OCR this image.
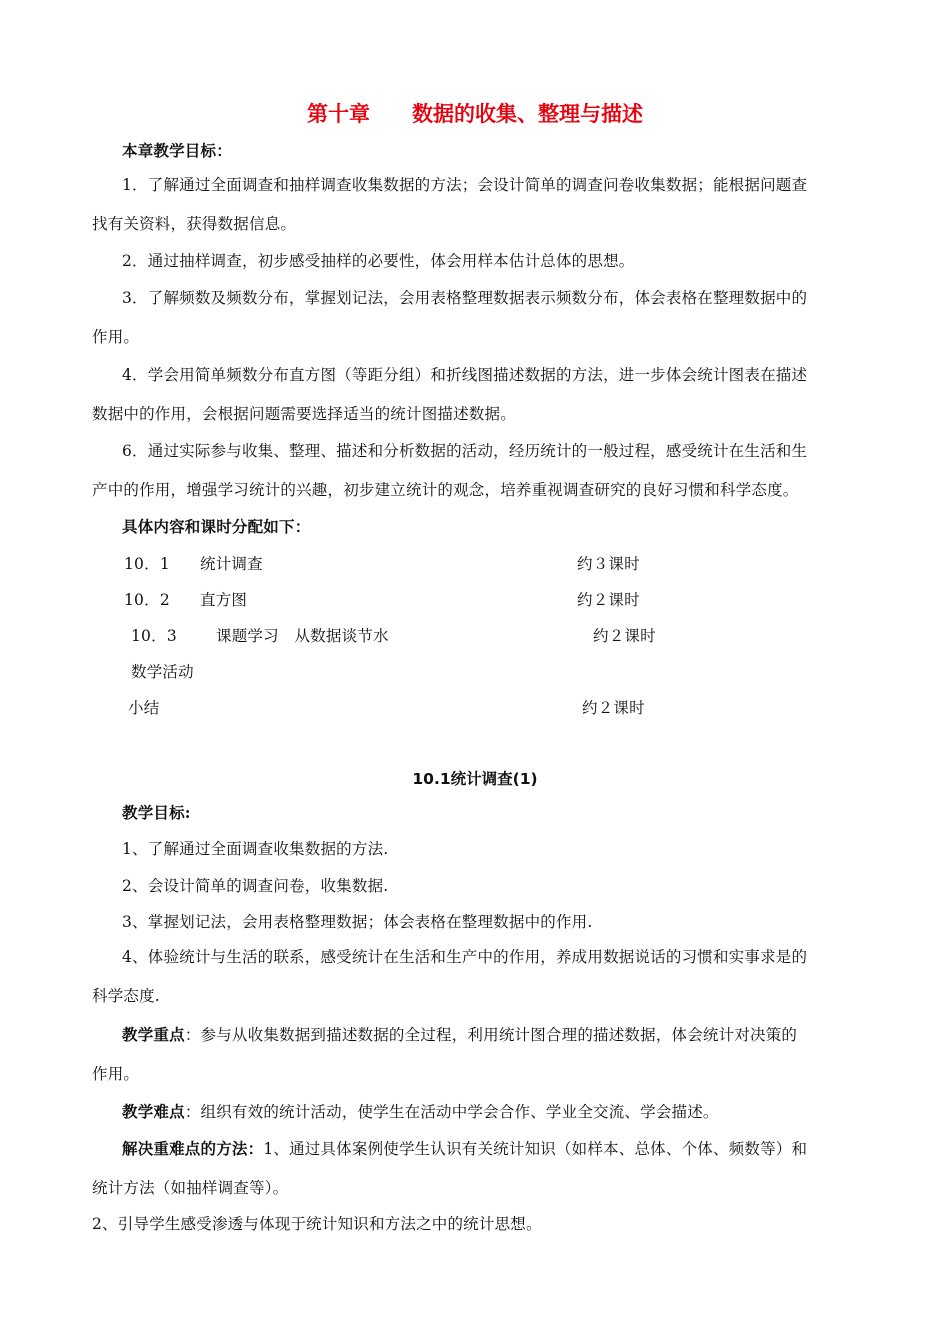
第十章　　数据的收集、整理与描述
本章教学目标：
1．了解通过全面调查和抽样调查收集数据的方法；会设计简单的调查问卷收集数据；能根据问题查
找有关资料，获得数据信息。
2．通过抽样调查，初步感受抽样的必要性，体会用样本估计总体的思想。
3．了解频数及频数分布，掌握划记法，会用表格整理数据表示频数分布，体会表格在整理数据中的
作用。
4．学会用简单频数分布直方图（等距分组）和折线图描述数据的方法，进一步体会统计图表在描述
数据中的作用，会根据问题需要选择适当的统计图描述数据。
6．通过实际参与收集、整理、描述和分析数据的活动，经历统计的一般过程，感受统计在生活和生
产中的作用，增强学习统计的兴趣，初步建立统计的观念，培养重视调查研究的良好习惯和科学态度。
具体内容和课时分配如下：
10．1 统计调查	约３课时
10．2 直方图	约２课时
10．3	课题学习　从数据谈节水	约２课时
数学活动
小结	约２课时
10.1统计调查(1)
教学目标:
1、了解通过全面调查收集数据的方法.
2、会设计简单的调查问卷，收集数据.
3、掌握划记法，会用表格整理数据；体会表格在整理数据中的作用.
4、体验统计与生活的联系，感受统计在生活和生产中的作用，养成用数据说话的习惯和实事求是的
科学态度.
教学重点：参与从收集数据到描述数据的全过程，利用统计图合理的描述数据，体会统计对决策的
作用。
教学难点：组织有效的统计活动，使学生在活动中学会合作、学业全交流、学会描述。
解决重难点的方法：1、通过具体案例使学生认识有关统计知识（如样本、总体、个体、频数等）和
统计方法（如抽样调查等）。
2、引导学生感受渗透与体现于统计知识和方法之中的统计思想。
